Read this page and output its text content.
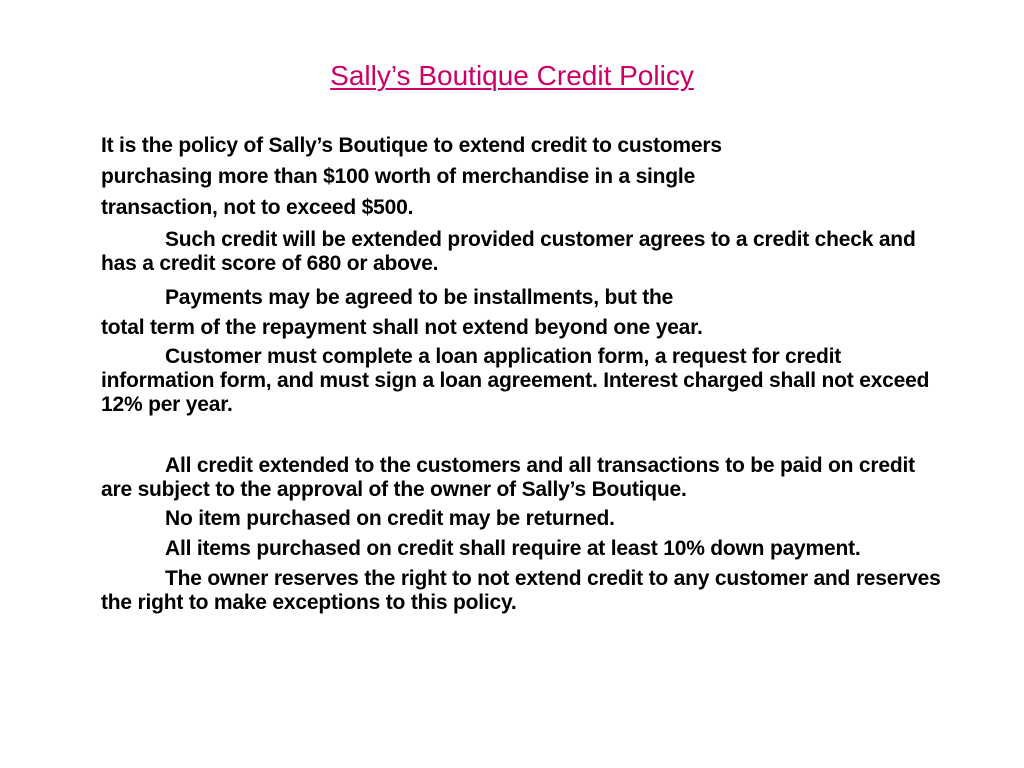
Sally’s Boutique Credit Policy
It is the policy of Sally’s Boutique to extend credit to customers
purchasing more than $100 worth of merchandise in a single
transaction, not to exceed $500.

Such credit will be extended provided customer agrees to a credit check and has a credit score of 680 or above.

Payments may be agreed to be installments, but the

total term of the repayment shall not extend beyond one year.

Customer must complete a loan application form, a request for credit information form, and must sign a loan agreement. Interest charged shall not exceed 12% per year.

All credit extended to the customers and all transactions to be paid on credit are subject to the approval of the owner of Sally’s Boutique.

No item purchased on credit may be returned.

All items purchased on credit shall require at least 10% down payment.

The owner reserves the right to not extend credit to any customer and reserves the right to make exceptions to this policy.
